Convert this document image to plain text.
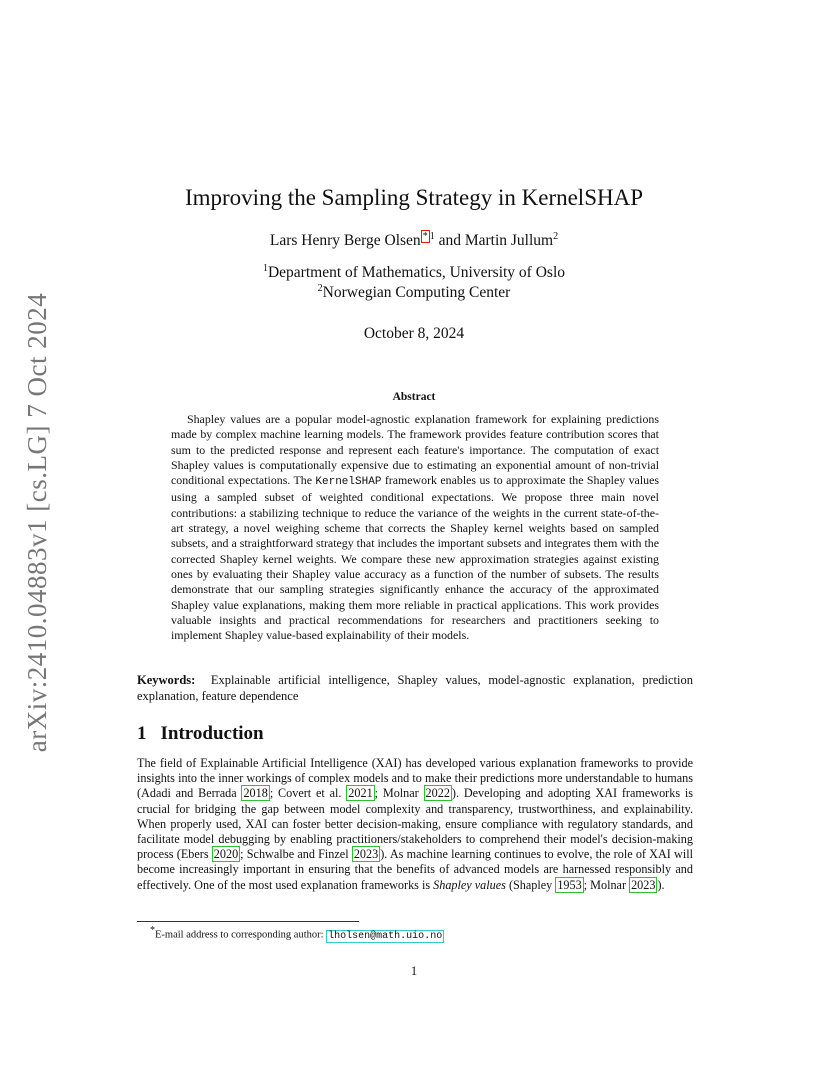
arXiv:2410.04883v1 [cs.LG] 7 Oct 2024
Improving the Sampling Strategy in KernelSHAP
Lars Henry Berge Olsen * $^1$ and Martin Jullum$^2$
$^1$Department of Mathematics, University of Oslo
$^2$Norwegian Computing Center
October 8, 2024
Abstract
Shapley values are a popular model-agnostic explanation framework for explaining predictions made by complex machine learning models. The framework provides feature contribution scores that sum to the predicted response and represent each feature's importance. The computation of exact Shapley values is computationally expensive due to estimating an exponential amount of non-trivial conditional expectations. The KernelSHAP framework enables us to approximate the Shapley values using a sampled subset of weighted conditional expectations. We propose three main novel contributions: a stabilizing technique to reduce the variance of the weights in the current state-of-the-art strategy, a novel weighing scheme that corrects the Shapley kernel weights based on sampled subsets, and a straightforward strategy that includes the important subsets and integrates them with the corrected Shapley kernel weights. We compare these new approximation strategies against existing ones by evaluating their Shapley value accuracy as a function of the number of subsets. The results demonstrate that our sampling strategies significantly enhance the accuracy of the approximated Shapley value explanations, making them more reliable in practical applications. This work provides valuable insights and practical recommendations for researchers and practitioners seeking to implement Shapley value-based explainability of their models.
Keywords: Explainable artificial intelligence, Shapley values, model-agnostic explanation, prediction explanation, feature dependence
1 Introduction
The field of Explainable Artificial Intelligence (XAI) has developed various explanation frameworks to provide insights into the inner workings of complex models and to make their predictions more understandable to humans (Adadi and Berrada 2018 ; Covert et al. 2021 ; Molnar 2022 ). Developing and adopting XAI frameworks is crucial for bridging the gap between model complexity and transparency, trustworthiness, and explainability. When properly used, XAI can foster better decision-making, ensure compliance with regulatory standards, and facilitate model debugging by enabling practitioners/stakeholders to comprehend their model's decision-making process (Ebers 2020 ; Schwalbe and Finzel 2023 ). As machine learning continues to evolve, the role of XAI will become increasingly important in ensuring that the benefits of advanced models are harnessed responsibly and effectively. One of the most used explanation frameworks is Shapley values (Shapley 1953 ; Molnar 2023 ).
*E-mail address to corresponding author: lholsen@math.uio.no
1
